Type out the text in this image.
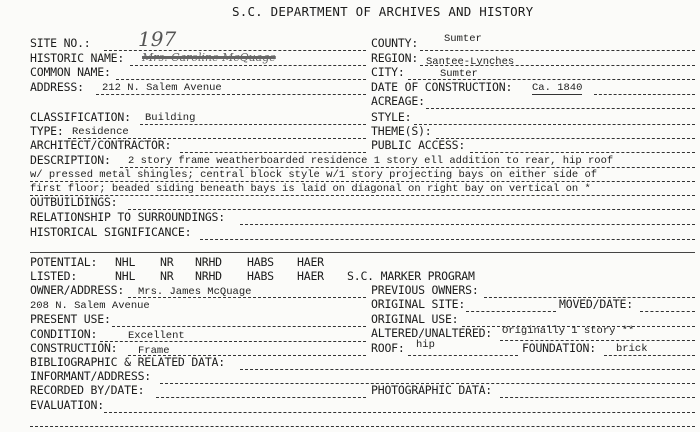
S.C. DEPARTMENT OF ARCHIVES AND HISTORY
SITE NO.: 197
HISTORIC NAME: Mrs. Caroline McQuage
COMMON NAME:
ADDRESS: 212 N. Salem Avenue
COUNTY: Sumter
REGION: Santee-Lynches
CITY:	Sumter
DATE OF CONSTRUCTION: Ca. 1840
ACREAGE:
CLASSIFICATION: Building
TYPE: Residence
ARCHITECT/CONTRACTOR:
STYLE:
THEME(S):
PUBLIC ACCESS:
DESCRIPTION: 2 story frame weatherboarded residence 1 story ell addition to rear, hip roof
w/ pressed metal shingles; central block style w/1 story projecting bays on either side of
first floor; beaded siding beneath bays is laid on diagonal on right bay on vertical on *
OUTBUILDINGS:
RELATIONSHIP TO SURROUNDINGS:
HISTORICAL SIGNIFICANCE:
POTENTIAL: NHL NR NRHD HABS HAER
LISTED:	NHL NR NRHD HABS HAER S.C. MARKER PROGRAM
OWNER/ADDRESS: Mrs. James McQuage
208 N. Salem Avenue
PREVIOUS OWNERS:
ORIGINAL SITE:	MOVED/DATE:
PRESENT USE:	ORIGINAL USE:
CONDITION:	Excellent	ALTERED/UNALTERED: Originally 1 story **
CONSTRUCTION: Frame	ROOF: hip	FOUNDATION: brick
BIBLIOGRAPHIC & RELATED DATA:
INFORMANT/ADDRESS:
RECORDED BY/DATE:	PHOTOGRAPHIC DATA:
EVALUATION:
